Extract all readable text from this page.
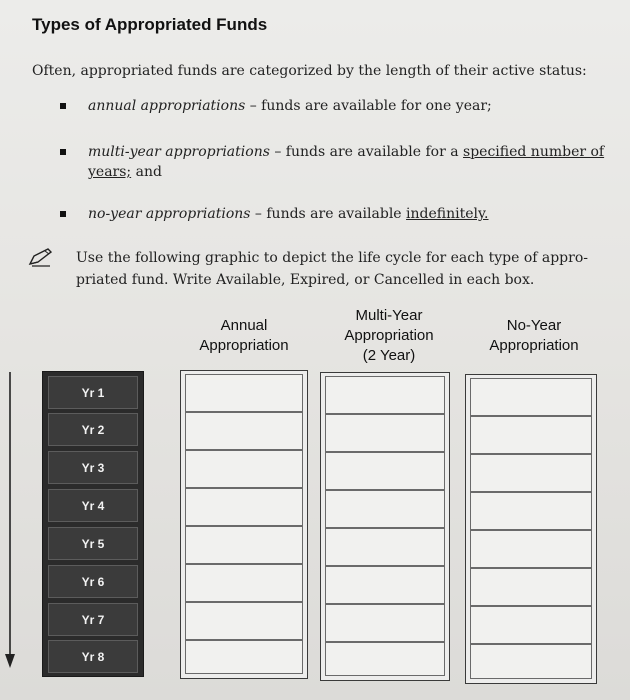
Types of Appropriated Funds
Often, appropriated funds are categorized by the length of their active status:
annual appropriations – funds are available for one year;
multi-year appropriations – funds are available for a specified number of years; and
no-year appropriations – funds are available indefinitely.
Use the following graphic to depict the life cycle for each type of appropriated fund. Write Available, Expired, or Cancelled in each box.
Annual
Appropriation
Multi-Year
Appropriation
(2 Year)
No-Year
Appropriation
Yr 1
Yr 2
Yr 3
Yr 4
Yr 5
Yr 6
Yr 7
Yr 8
